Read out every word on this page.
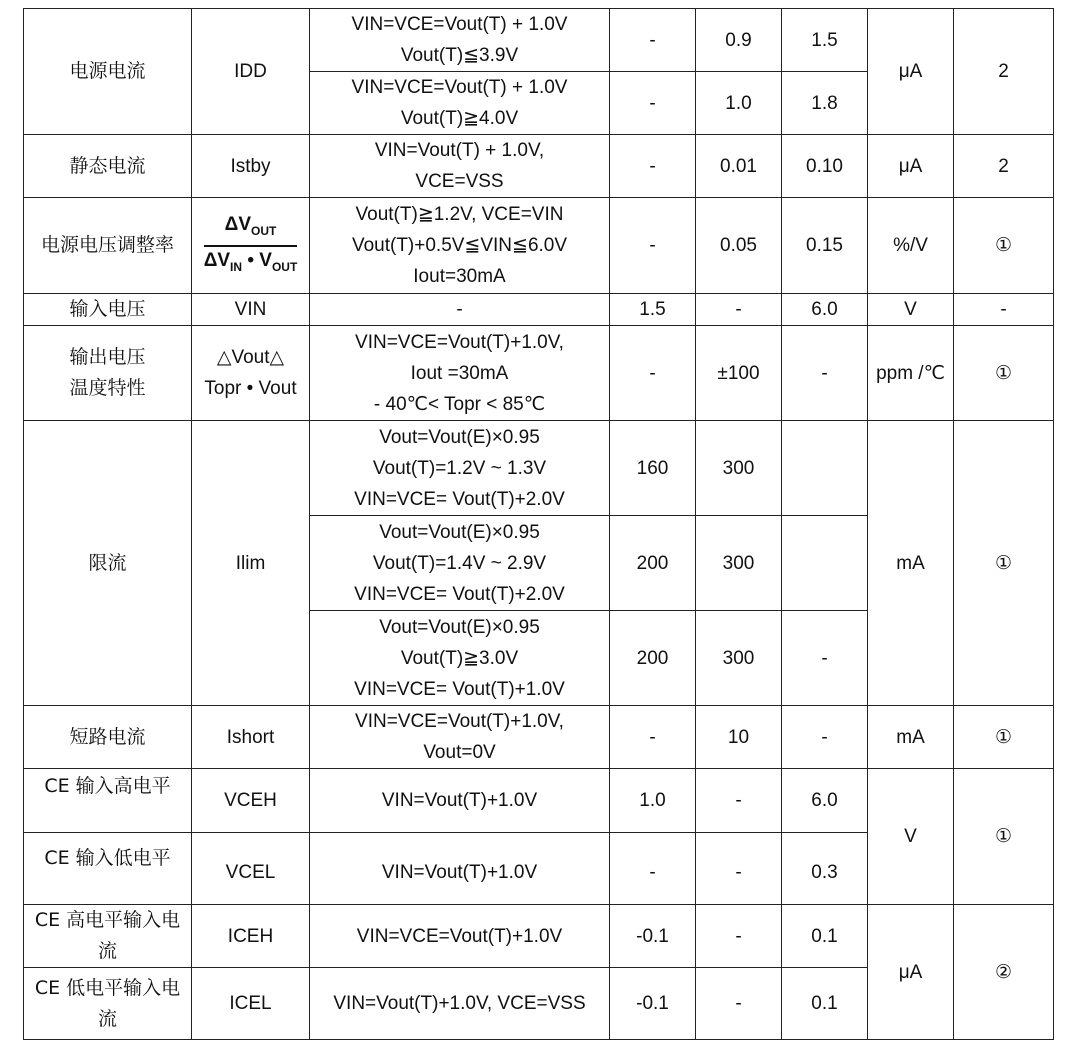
电源电流	IDD	VIN=VCE=Vout(T) + 1.0V
Vout(T)≦3.9V	-	0.9	1.5	μA	2

		VIN=VCE=Vout(T) + 1.0V
Vout(T)≧4.0V	-	1.0	1.8		
静态电流	Istby	VIN=Vout(T) + 1.0V,
VCE=VSS	-	0.01	0.10	μA	2
电源电压调整率	$\frac{\Delta V_{OUT}}{\Delta V_{IN} • V_{OUT}}$	Vout(T)≧1.2V, VCE=VIN
Vout(T)+0.5V≦VIN≦6.0V
Iout=30mA	-	0.05	0.15	%/V	①
输入电压	VIN	-	1.5	-	6.0	V	-

输出电压
温度特性	△Vout△
Topr • Vout	VIN=VCE=Vout(T)+1.0V,
Iout =30mA
- 40℃< Topr < 85℃	-	±100	-	ppm /℃	①
限流	Ilim	Vout=Vout(E)×0.95
Vout(T)=1.2V ~ 1.3V
VIN=VCE= Vout(T)+2.0V	160	300		mA	①

		Vout=Vout(E)×0.95
Vout(T)=1.4V ~ 2.9V
VIN=VCE= Vout(T)+2.0V	200	300			

		Vout=Vout(E)×0.95
Vout(T)≧3.0V
VIN=VCE= Vout(T)+1.0V	200	300	-		
短路电流	Ishort	VIN=VCE=Vout(T)+1.0V,
Vout=0V	-	10	-	mA	①
CE 输入高电平	VCEH	VIN=Vout(T)+1.0V	1.0	-	6.0	V	①
CE 输入低电平	VCEL	VIN=Vout(T)+1.0V	-	-	0.3		

CE 高电平输入电
流	ICEH	VIN=VCE=Vout(T)+1.0V	-0.1	-	0.1	μA	②

CE 低电平输入电
流	ICEL	VIN=Vout(T)+1.0V, VCE=VSS	-0.1	-	0.1		
